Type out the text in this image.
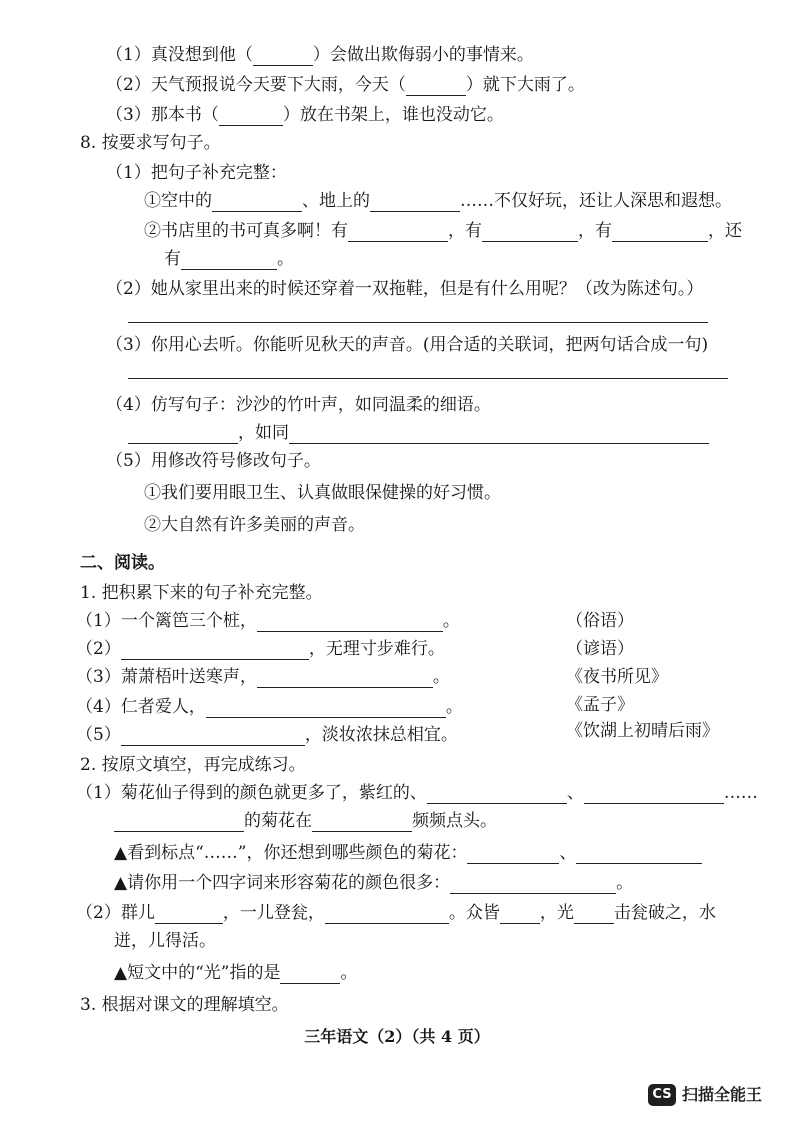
（1）真没想到他（	）会做出欺侮弱小的事情来。
（2）天气预报说今天要下大雨，今天（	）就下大雨了。
（3）那本书（	）放在书架上，谁也没动它。
8. 按要求写句子。
（1）把句子补充完整：
①空中的	、地上的	……不仅好玩，还让人深思和遐想。
②书店里的书可真多啊！有	，有	，有	，还
有	。
（2）她从家里出来的时候还穿着一双拖鞋，但是有什么用呢？（改为陈述句。）
（3）你用心去听。你能听见秋天的声音。(用合适的关联词，把两句话合成一句)
（4）仿写句子：沙沙的竹叶声，如同温柔的细语。
，如同
（5）用修改符号修改句子。
①我们要用眼卫生、认真做眼保健操的好习惯。
②大自然有许多美丽的声音。
二、阅读。
1. 把积累下来的句子补充完整。
（1）一个篱笆三个桩，	。	（俗语）
（2）	，无理寸步难行。	（谚语）
（3）萧萧梧叶送寒声，	。	《夜书所见》
（4）仁者爱人，	。	《孟子》
（5）	，淡妆浓抹总相宜。	《饮湖上初晴后雨》
2. 按原文填空，再完成练习。
（1）菊花仙子得到的颜色就更多了，紫红的、	、	……
的菊花在	频频点头。
▲看到标点“……”，你还想到哪些颜色的菊花：	、
▲请你用一个四字词来形容菊花的颜色很多：	。
（2）群儿	，一儿登瓮，	。众皆 ，光 击瓮破之，水
迸，儿得活。
▲短文中的“光”指的是	。
3. 根据对课文的理解填空。
三年语文（2）（共 4 页）
CS 扫描全能王
